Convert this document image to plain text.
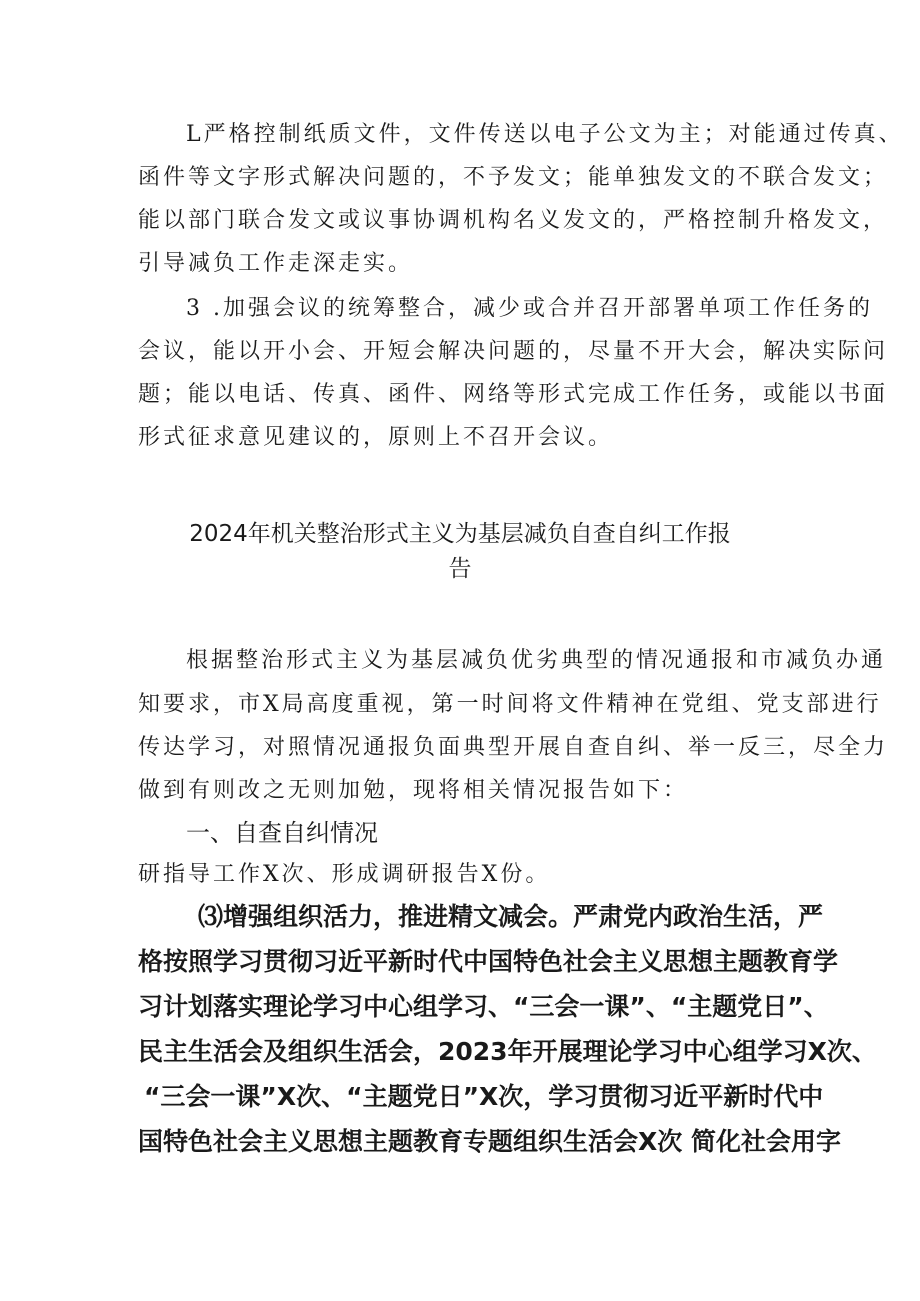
L严格控制纸质文件，文件传送以电子公文为主；对能通过传真、
函件等文字形式解决问题的，不予发文；能单独发文的不联合发文；
能以部门联合发文或议事协调机构名义发文的，严格控制升格发文，
引导减负工作走深走实。
3 .加强会议的统筹整合，减少或合并召开部署单项工作任务的
会议，能以开小会、开短会解决问题的，尽量不开大会，解决实际问
题；能以电话、传真、函件、网络等形式完成工作任务，或能以书面
形式征求意见建议的，原则上不召开会议。
2024年机关整治形式主义为基层减负自查自纠工作报
告
根据整治形式主义为基层减负优劣典型的情况通报和市减负办通
知要求，市X局高度重视，第一时间将文件精神在党组、党支部进行
传达学习，对照情况通报负面典型开展自查自纠、举一反三，尽全力
做到有则改之无则加勉，现将相关情况报告如下：
一、自查自纠情况
研指导工作X次、形成调研报告X份。
⑶增强组织活力，推进精文减会。严肃党内政治生活，严
格按照学习贯彻习近平新时代中国特色社会主义思想主题教育学
习计划落实理论学习中心组学习、“三会一课”、“主题党日”、
民主生活会及组织生活会，2023年开展理论学习中心组学习X次、
“三会一课”X次、“主题党日”X次，学习贯彻习近平新时代中
国特色社会主义思想主题教育专题组织生活会X次 简化社会用字
